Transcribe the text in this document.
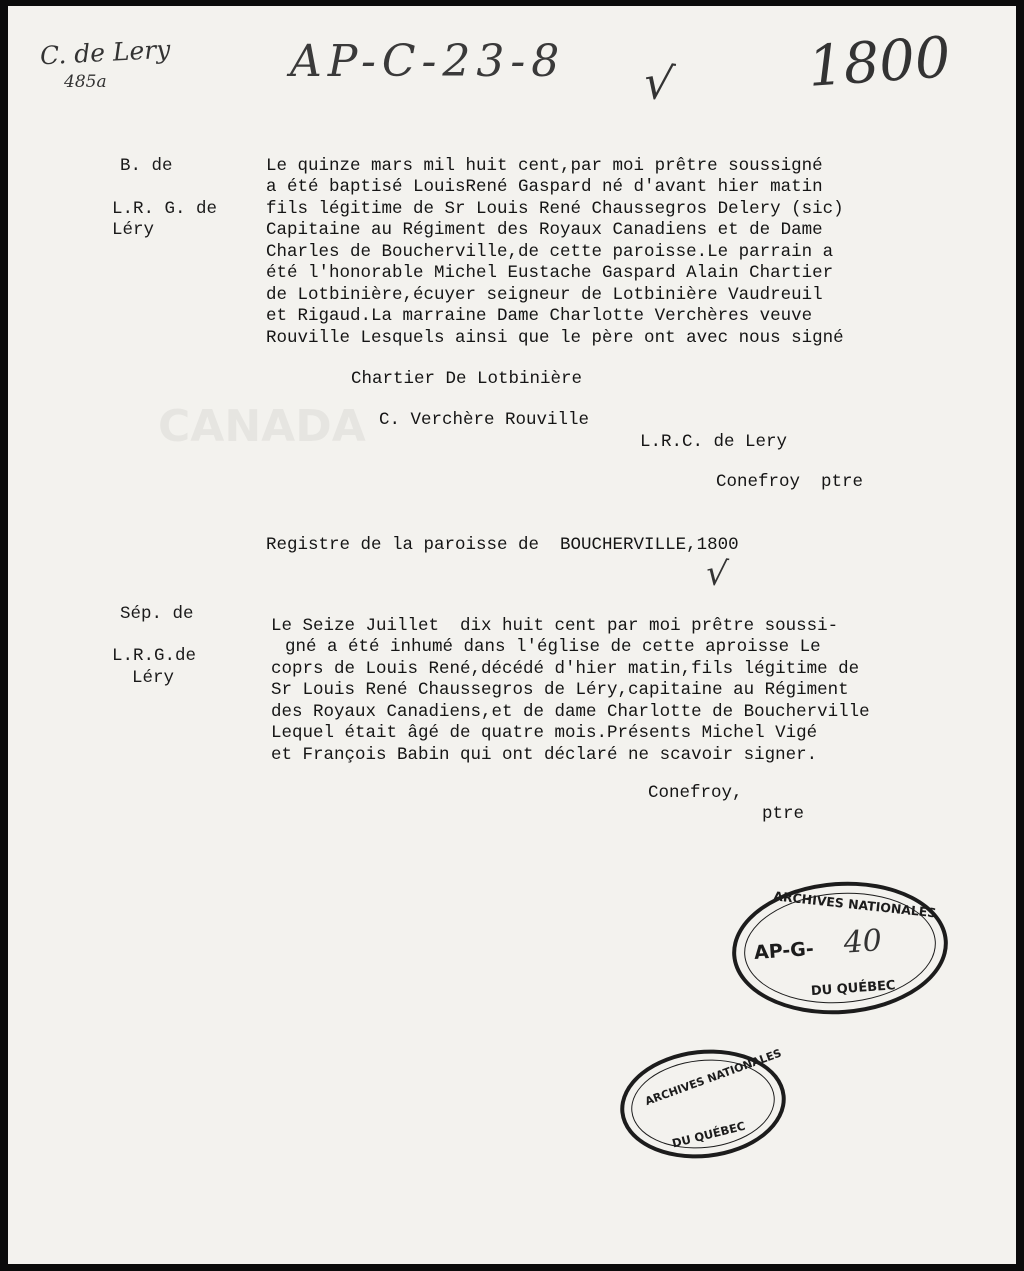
CANADA
C. de Lery
485a	AP-C-23-8 √ 1800
B. de
L.R. G. de
Léry
Le quinze mars mil huit cent,par moi prêtre soussigné
a été baptisé LouisRené Gaspard né d'avant hier matin
fils légitime de Sr Louis René Chaussegros Delery (sic)
Capitaine au Régiment des Royaux Canadiens et de Dame
Charles de Boucherville,de cette paroisse.Le parrain a
été l'honorable Michel Eustache Gaspard Alain Chartier
de Lotbinière,écuyer seigneur de Lotbinière Vaudreuil
et Rigaud.La marraine Dame Charlotte Verchères veuve
Rouville Lesquels ainsi que le père ont avec nous signé
Chartier De Lotbinière
C. Verchère Rouville
L.R.C. de Lery
Conefroy  ptre
Registre de la paroisse de  BOUCHERVILLE,1800
√
Sép. de
L.R.G.de
Léry
Le Seize Juillet  dix huit cent par moi prêtre soussi-
gné a été inhumé dans l'église de cette aproisse Le
coprs de Louis René,décédé d'hier matin,fils légitime de
Sr Louis René Chaussegros de Léry,capitaine au Régiment
des Royaux Canadiens,et de dame Charlotte de Boucherville
Lequel était âgé de quatre mois.Présents Michel Vigé
et François Babin qui ont déclaré ne scavoir signer.
Conefroy,
ptre
ARCHIVES NATIONALES
AP-G- 40
DU QUÉBEC
ARCHIVES NATIONALES
DU QUÉBEC
